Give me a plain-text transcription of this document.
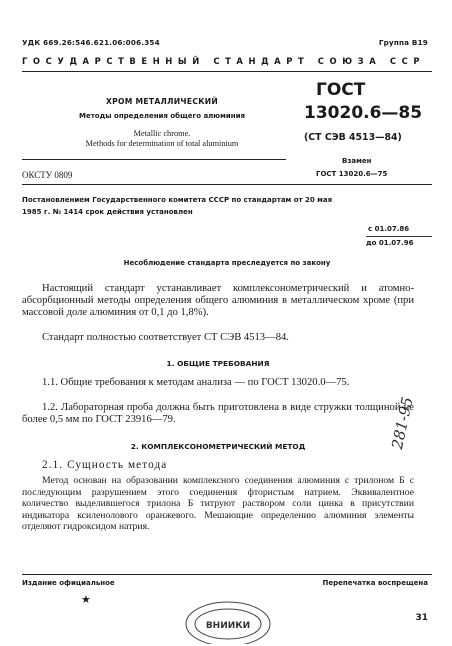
УДК 669.26:546.621.06:006.354	Группа В19
ГОСУДАРСТВЕННЫЙ СТАНДАРТ СОЮЗА ССР
ХРОМ МЕТАЛЛИЧЕСКИЙ
Методы определения общего алюминия
Metallic chrome.
Methods for determination of total aluminium
ГОСТ
13020.6—85
(СТ СЭВ 4513—84)
Взамен
ГОСТ 13020.6—75
ОКСТУ 0809
Постановлением Государственного комитета СССР по стандартам от 20 мая
1985 г. № 1414 срок действия установлен
с 01.07.86
до 01.07.96
Несоблюдение стандарта преследуется по закону
Настоящий стандарт устанавливает комплексонометрический и атомно-абсорбционный методы определения общего алюминия в металлическом хроме (при массовой доле алюминия от 0,1 до 1,8%).
Стандарт полностью соответствует СТ СЭВ 4513—84.
1. ОБЩИЕ ТРЕБОВАНИЯ
1.1. Общие требования к методам анализа — по ГОСТ 13020.0—75.
1.2. Лабораторная проба должна быть приготовлена в виде стружки толщиной не более 0,5 мм по ГОСТ 23916—79.
2. КОМПЛЕКСОНОМЕТРИЧЕСКИЙ МЕТОД
2.1. Сущность метода
Метод основан на образовании комплексного соединения алюминия с трилоном Б с последующим разрушением этого соединения фтористым натрием. Эквивалентное количество выделившегося трилона Б титруют раствором соли цинка в присутствии индикатора ксиленолового оранжевого. Мешающие определению алюминия элементы отделяют гидроксидом натрия.
281-95
Издание официальное	Перепечатка воспрещена
★
31
ВНИИКИ
